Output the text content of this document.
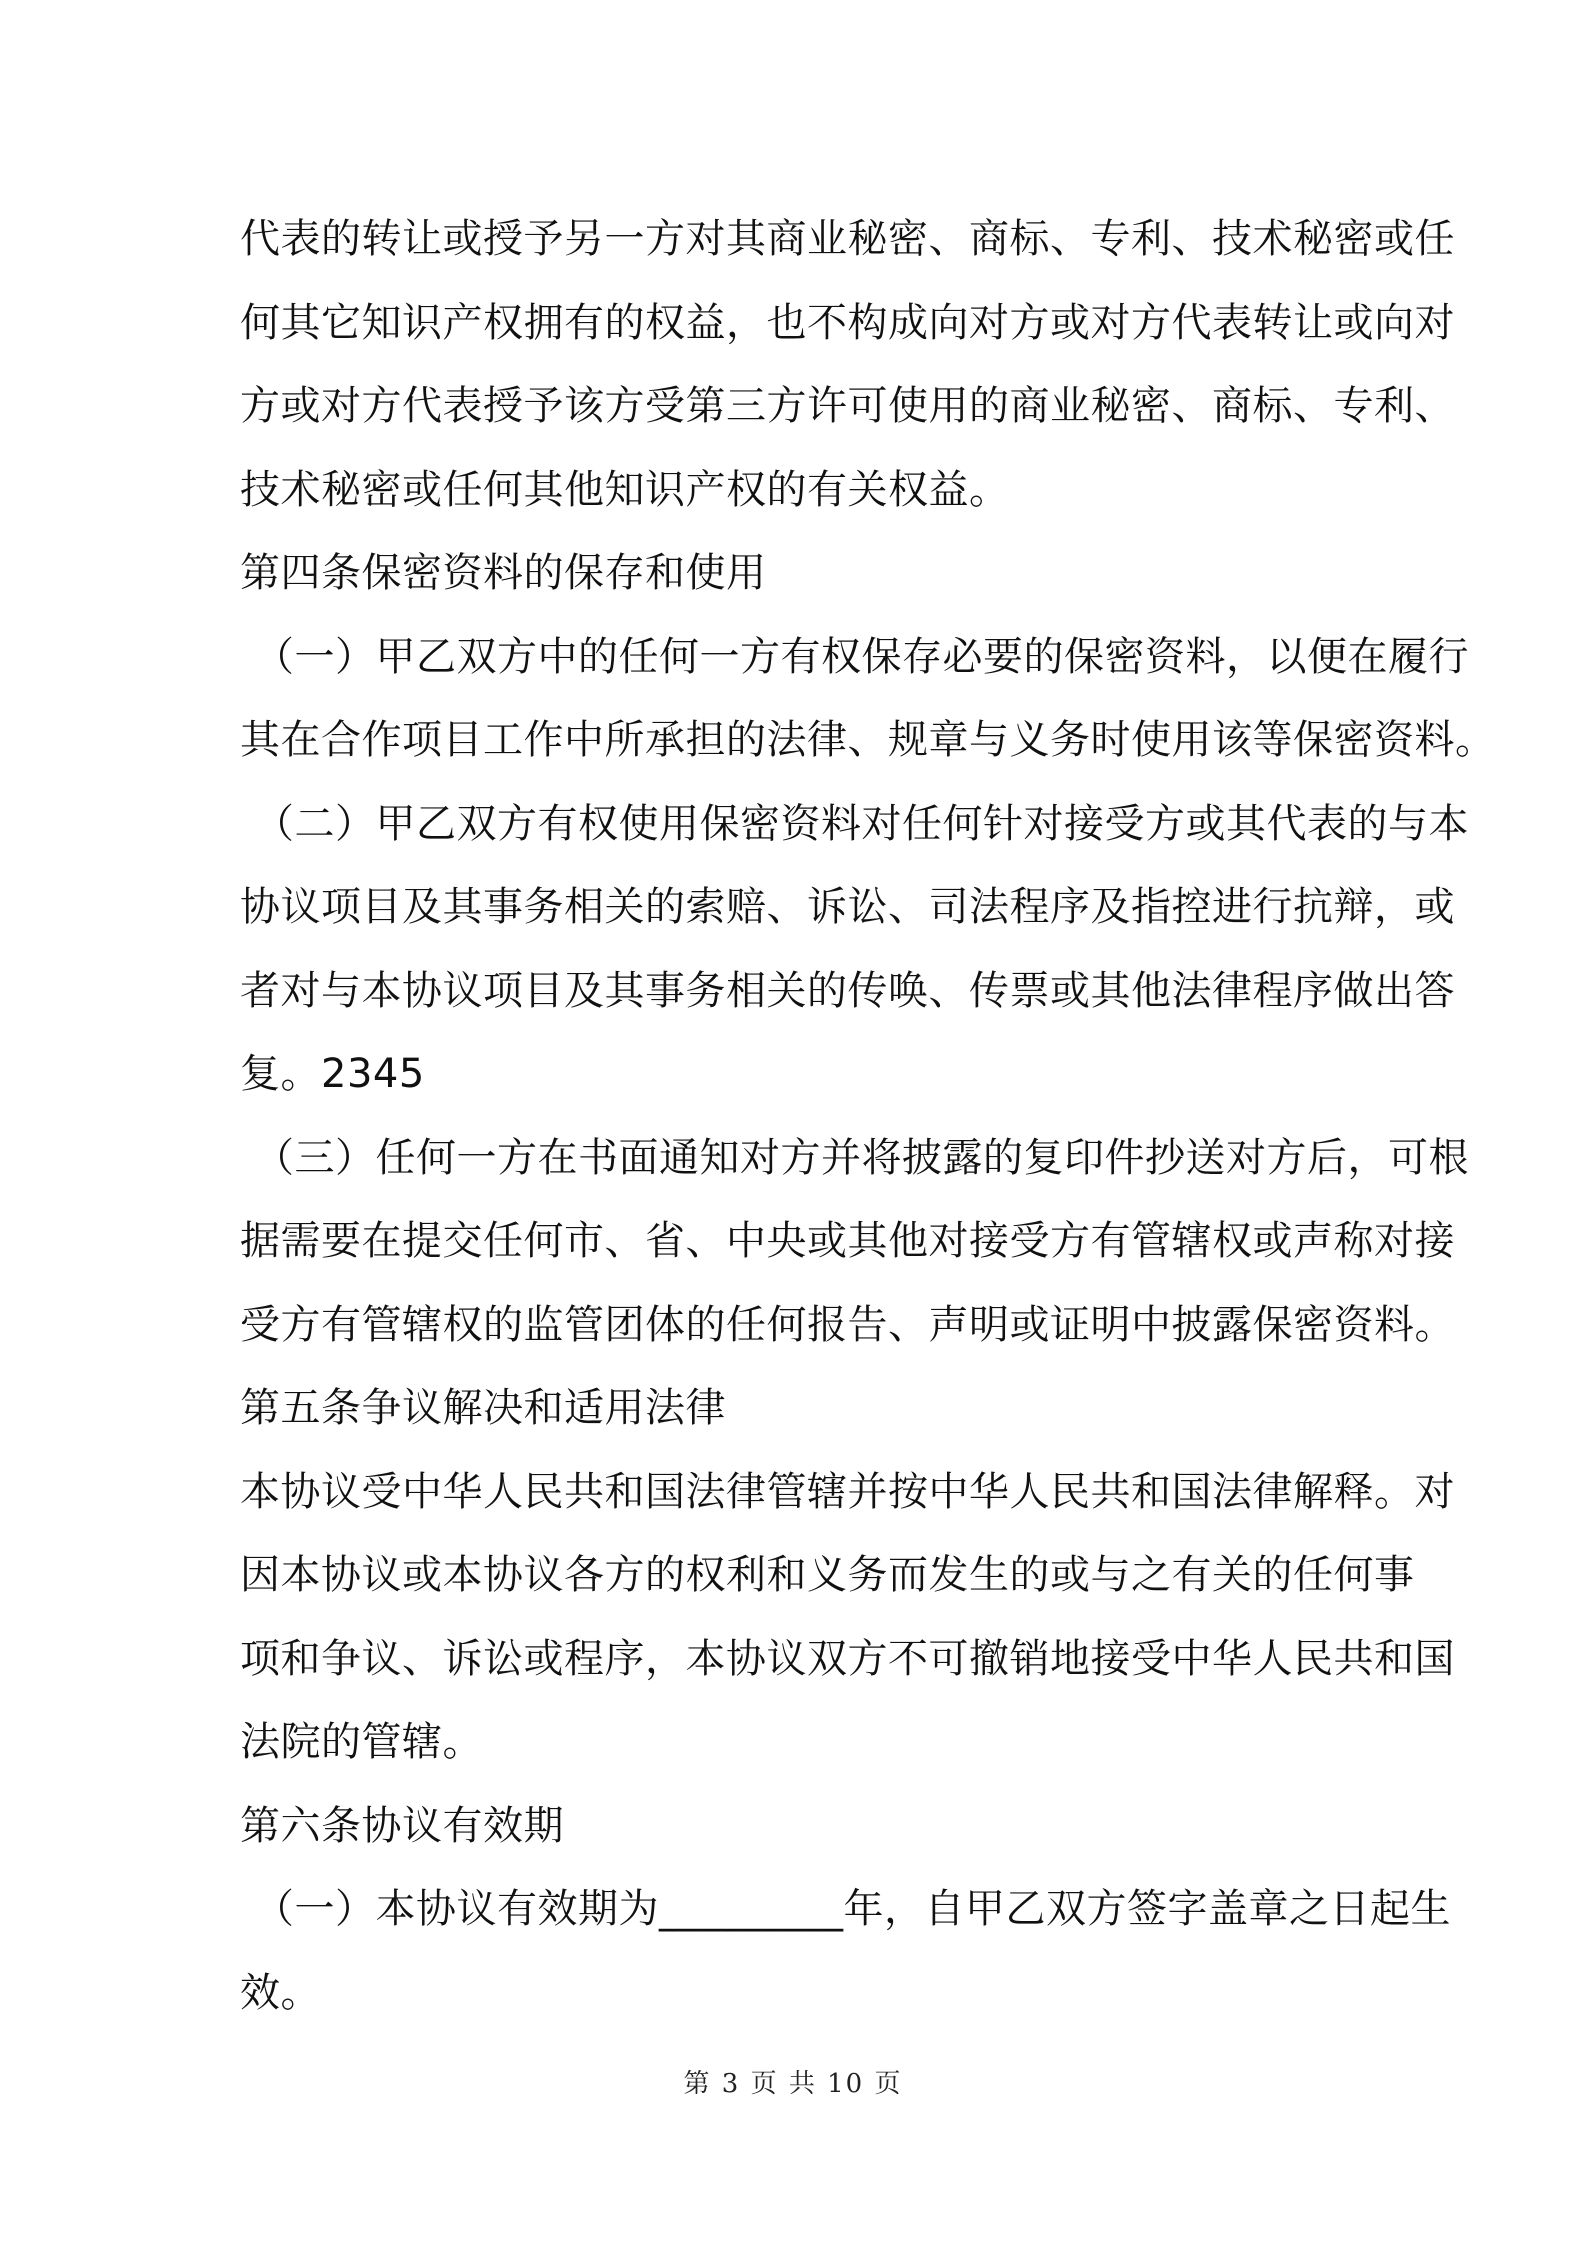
代表的转让或授予另一方对其商业秘密、商标、专利、技术秘密或任
何其它知识产权拥有的权益，也不构成向对方或对方代表转让或向对
方或对方代表授予该方受第三方许可使用的商业秘密、商标、专利、
技术秘密或任何其他知识产权的有关权益。
第四条保密资料的保存和使用
（一）甲乙双方中的任何一方有权保存必要的保密资料，以便在履行
其在合作项目工作中所承担的法律、规章与义务时使用该等保密资料。
（二）甲乙双方有权使用保密资料对任何针对接受方或其代表的与本
协议项目及其事务相关的索赔、诉讼、司法程序及指控进行抗辩，或
者对与本协议项目及其事务相关的传唤、传票或其他法律程序做出答
复。2345
（三）任何一方在书面通知对方并将披露的复印件抄送对方后，可根
据需要在提交任何市、省、中央或其他对接受方有管辖权或声称对接
受方有管辖权的监管团体的任何报告、声明或证明中披露保密资料。
第五条争议解决和适用法律
本协议受中华人民共和国法律管辖并按中华人民共和国法律解释。对
因本协议或本协议各方的权利和义务而发生的或与之有关的任何事
项和争议、诉讼或程序，本协议双方不可撤销地接受中华人民共和国
法院的管辖。
第六条协议有效期
（一）本协议有效期为_________年，自甲乙双方签字盖章之日起生
效。
第 3 页 共 10 页
